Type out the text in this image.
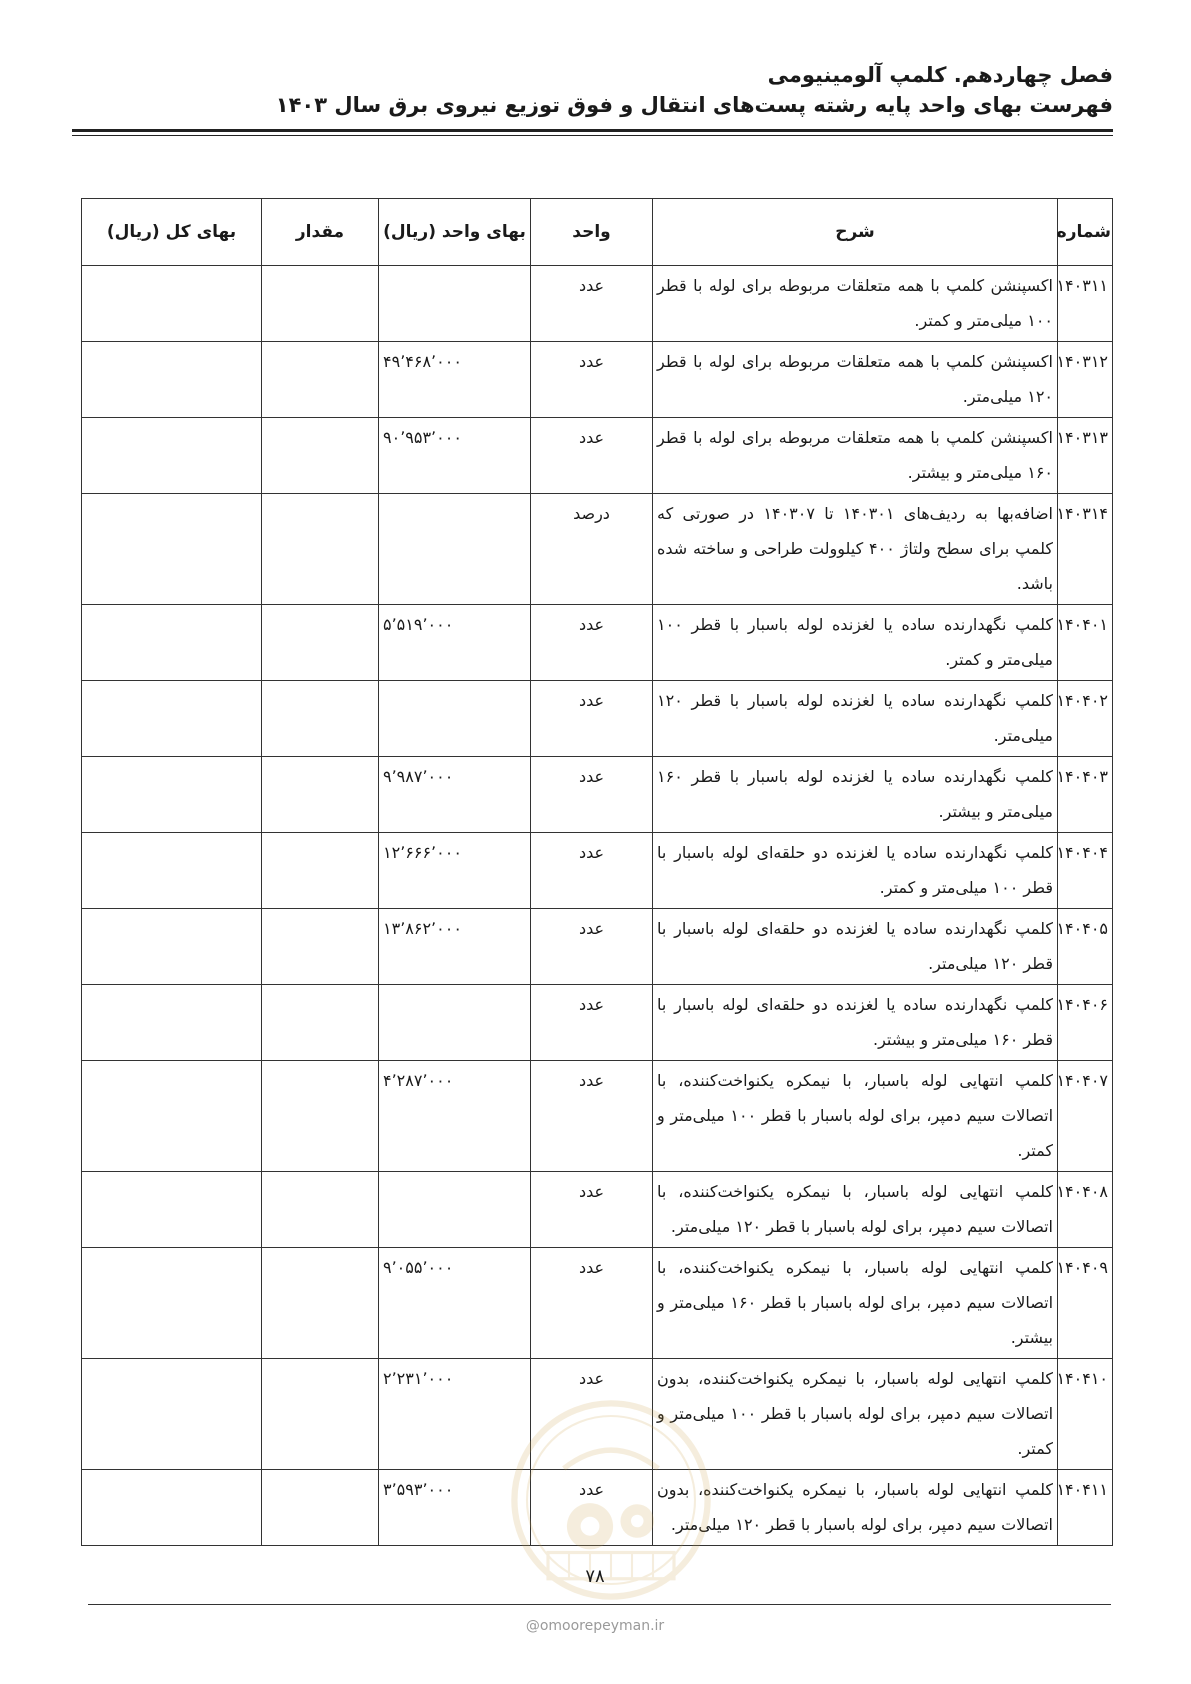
فصل چهاردهم. کلمپ آلومینیومی
فهرست بهای واحد پایه رشته پست‌های انتقال و فوق توزیع نیروی برق سال ۱۴۰۳
شماره	شرح	واحد	بهای واحد (ریال)	مقدار	بهای کل (ریال)
۱۴۰۳۱۱	اکسپنشن کلمپ با همه متعلقات مربوطه برای لوله با قطر ۱۰۰ میلی‌متر و کمتر.	عدد			
۱۴۰۳۱۲	اکسپنشن کلمپ با همه متعلقات مربوطه برای لوله با قطر ۱۲۰ میلی‌متر.	عدد	۴۹٬۴۶۸٬۰۰۰		
۱۴۰۳۱۳	اکسپنشن کلمپ با همه متعلقات مربوطه برای لوله با قطر ۱۶۰ میلی‌متر و بیشتر.	عدد	۹۰٬۹۵۳٬۰۰۰		
۱۴۰۳۱۴	اضافه‌بها به ردیف‌های ۱۴۰۳۰۱ تا ۱۴۰۳۰۷ در صورتی که کلمپ برای سطح ولتاژ ۴۰۰ کیلوولت طراحی و ساخته شده باشد.	درصد			
۱۴۰۴۰۱	کلمپ نگهدارنده ساده یا لغزنده لوله باسبار با قطر ۱۰۰ میلی‌متر و کمتر.	عدد	۵٬۵۱۹٬۰۰۰		
۱۴۰۴۰۲	کلمپ نگهدارنده ساده یا لغزنده لوله باسبار با قطر ۱۲۰ میلی‌متر.	عدد			
۱۴۰۴۰۳	کلمپ نگهدارنده ساده یا لغزنده لوله باسبار با قطر ۱۶۰ میلی‌متر و بیشتر.	عدد	۹٬۹۸۷٬۰۰۰		
۱۴۰۴۰۴	کلمپ نگهدارنده ساده یا لغزنده دو حلقه‌ای لوله باسبار با قطر ۱۰۰ میلی‌متر و کمتر.	عدد	۱۲٬۶۶۶٬۰۰۰		
۱۴۰۴۰۵	کلمپ نگهدارنده ساده یا لغزنده دو حلقه‌ای لوله باسبار با قطر ۱۲۰ میلی‌متر.	عدد	۱۳٬۸۶۲٬۰۰۰		
۱۴۰۴۰۶	کلمپ نگهدارنده ساده یا لغزنده دو حلقه‌ای لوله باسبار با قطر ۱۶۰ میلی‌متر و بیشتر.	عدد			
۱۴۰۴۰۷	کلمپ انتهایی لوله باسبار، با نیمکره یکنواخت‌کننده، با اتصالات سیم دمپر، برای لوله باسبار با قطر ۱۰۰ میلی‌متر و کمتر.	عدد	۴٬۲۸۷٬۰۰۰		
۱۴۰۴۰۸	کلمپ انتهایی لوله باسبار، با نیمکره یکنواخت‌کننده، با اتصالات سیم دمپر، برای لوله باسبار با قطر ۱۲۰ میلی‌متر.	عدد			
۱۴۰۴۰۹	کلمپ انتهایی لوله باسبار، با نیمکره یکنواخت‌کننده، با اتصالات سیم دمپر، برای لوله باسبار با قطر ۱۶۰ میلی‌متر و بیشتر.	عدد	۹٬۰۵۵٬۰۰۰		
۱۴۰۴۱۰	کلمپ انتهایی لوله باسبار، با نیمکره یکنواخت‌کننده، بدون اتصالات سیم دمپر، برای لوله باسبار با قطر ۱۰۰ میلی‌متر و کمتر.	عدد	۲٬۲۳۱٬۰۰۰		
۱۴۰۴۱۱	کلمپ انتهایی لوله باسبار، با نیمکره یکنواخت‌کننده، بدون اتصالات سیم دمپر، برای لوله باسبار با قطر ۱۲۰ میلی‌متر.	عدد	۳٬۵۹۳٬۰۰۰		
۷۸
@omoorepeyman.ir
